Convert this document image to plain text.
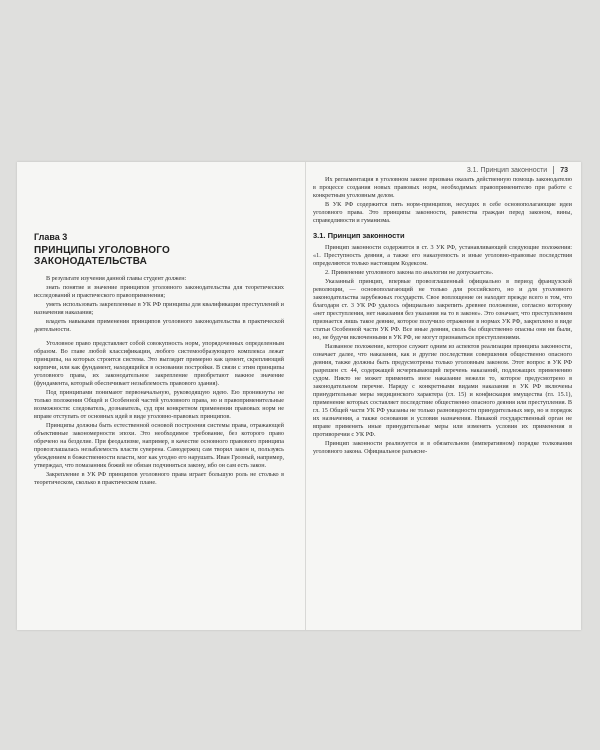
Глава 3
ПРИНЦИПЫ УГОЛОВНОГО ЗАКОНОДАТЕЛЬСТВА

В результате изучения данной главы студент должен:

знать понятие и значение принципов уголовного законодательства для теоретических исследований и практического правоприменения;

уметь использовать закрепленные в УК РФ принципы для квалификации преступлений и назначения наказания;

владеть навыками применения принципов уголовного законодательства в практической деятельности.

Уголовное право представляет собой совокупность норм, упорядоченных определенным образом. Во главе любой классификации, любого системообразующего комплекса лежат принципы, на которых строится система. Это выглядит примерно как цемент, скрепляющий кирпичи, или как фундамент, находящийся в основании постройки. В связи с этим принципы уголовного права, их законодательное закрепление приобретают важное значение (фундамента, который обеспечивает незыблемость правового здания).

Под принципами понимают первоначальную, руководящую идею. Ею проникнуты не только положения Общей и Особенной частей уголовного права, но и правоприменительные возможности: следователь, дознаватель, суд при конкретном применении правовых норм не вправе отступать от основных идей в виде уголовно-правовых принципов.

Принципы должны быть естественной основой построения системы права, отражающей объективные закономерности эпохи. Это необходимое требование, без которого право обречено на безделие. При феодализме, например, в качестве основного правового принципа провозглашалась незыблемость власти суверена. Самодержец сам творил закон и, пользуясь убеждением в божественности власти, мог как угодно его нарушать. Иван Грозный, например, утверждал, что помазанник божий не обязан подчиняться закону, ибо он сам есть закон.

Закрепление в УК РФ принципов уголовного права играет большую роль не столько в теоретическом, сколько в практическом плане.

3.1. Принцип законности 73

Их регламентация в уголовном законе призвана оказать действенную помощь законодателю в процессе создания новых правовых норм, необходимых правоприменителю при работе с конкретным уголовным делом.

В УК РФ содержится пять норм-принципов, несущих в себе основополагающие идеи уголовного права. Это принципы законности, равенства граждан перед законом, вины, справедливости и гуманизма.

3.1. Принцип законности

Принцип законности содержится в ст. 3 УК РФ, устанавливающей следующие положения: «1. Преступность деяния, а также его наказуемость и иные уголовно-правовые последствия определяются только настоящим Кодексом.

2. Применение уголовного закона по аналогии не допускается».

Указанный принцип, впервые провозглашенный официально в период французской революции, — основополагающий не только для российского, но и для уголовного законодательства зарубежных государств. Свое воплощение он находит прежде всего в том, что благодаря ст. 3 УК РФ удалось официально закрепить древнее положение, согласно которому «нет преступления, нет наказания без указания на то в законе». Это означает, что преступлением признается лишь такое деяние, которое получило отражение в нормах УК РФ, закреплено в виде статьи Особенной части УК РФ. Все иные деяния, сколь бы общественно опасны они ни были, но, не будучи включенными в УК РФ, не могут признаваться преступлениями.

Названное положение, которое служит одним из аспектов реализации принципа законности, означает далее, что наказания, как и другие последствия совершения общественно опасного деяния, также должны быть предусмотрены только уголовным законом. Этот вопрос в УК РФ разрешен ст. 44, содержащей исчерпывающий перечень наказаний, подлежащих применению судом. Никто не может применить иное наказание нежели то, которое предусмотрено в законодательном перечне. Наряду с конкретными видами наказания в УК РФ включены принудительные меры медицинского характера (гл. 15) и конфискация имущества (гл. 15.1), применение которых составляет последствие общественно опасного деяния или преступления. В гл. 15 Общей части УК РФ указаны не только разновидности принудительных мер, но и порядок их назначения, а также основания и условия назначения. Никакой государственный орган не вправе применять иные принудительные меры или изменять условия их применения в противоречии с УК РФ.

Принцип законности реализуется и в обязательном (императивном) порядке толкования уголовного закона. Официальное разъясне-
